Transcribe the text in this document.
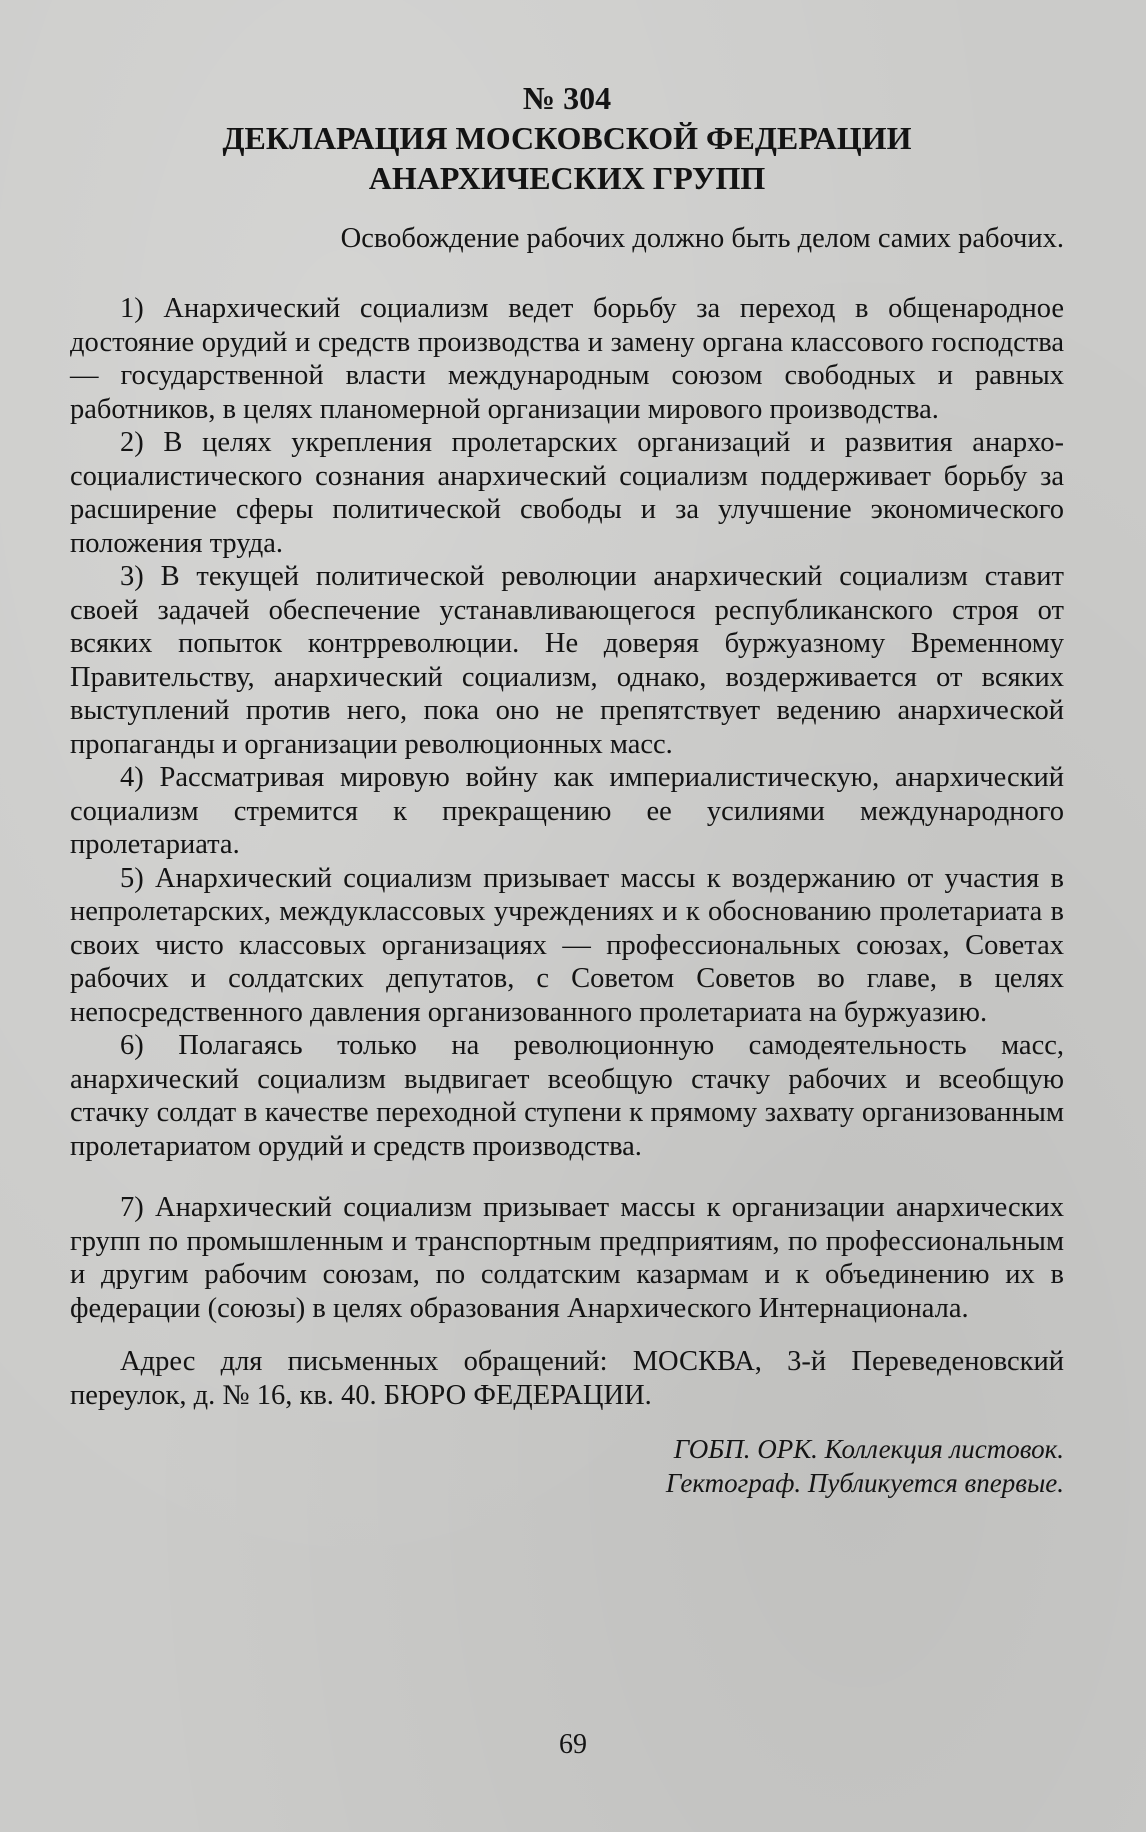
№ 304

ДЕКЛАРАЦИЯ МОСКОВСКОЙ ФЕДЕРАЦИИ
АНАРХИЧЕСКИХ ГРУПП

Освобождение рабочих должно быть делом самих рабочих.

1) Анархический социализм ведет борьбу за переход в общенародное достояние орудий и средств производства и замену органа классового господства — государственной власти международным союзом свободных и равных работников, в целях планомерной организации мирового производства.

2) В целях укрепления пролетарских организаций и развития анархо-социалистического сознания анархический социализм поддерживает борьбу за расширение сферы политической свободы и за улучшение экономического положения труда.

3) В текущей политической революции анархический социализм ставит своей задачей обеспечение устанавливающегося республиканского строя от всяких попыток контрреволюции. Не доверяя буржуазному Временному Правительству, анархический социализм, однако, воздерживается от всяких выступлений против него, пока оно не препятствует ведению анархической пропаганды и организации революционных масс.

4) Рассматривая мировую войну как империалистическую, анархический социализм стремится к прекращению ее усилиями международного пролетариата.

5) Анархический социализм призывает массы к воздержанию от участия в непролетарских, междуклассовых учреждениях и к обоснованию пролетариата в своих чисто классовых организациях — профессиональных союзах, Советах рабочих и солдатских депутатов, с Советом Советов во главе, в целях непосредственного давления организованного пролетариата на буржуазию.

6) Полагаясь только на революционную самодеятельность масс, анархический социализм выдвигает всеобщую стачку рабочих и всеобщую стачку солдат в качестве переходной ступени к прямому захвату организованным пролетариатом орудий и средств производства.

7) Анархический социализм призывает массы к организации анархических групп по промышленным и транспортным предприятиям, по профессиональным и другим рабочим союзам, по солдатским казармам и к объединению их в федерации (союзы) в целях образования Анархического Интернационала.

Адрес для письменных обращений: МОСКВА, 3-й Переведеновский переулок, д. № 16, кв. 40. БЮРО ФЕДЕРАЦИИ.

ГОБП. ОРК. Коллекция листовок.
Гектограф. Публикуется впервые.

69
